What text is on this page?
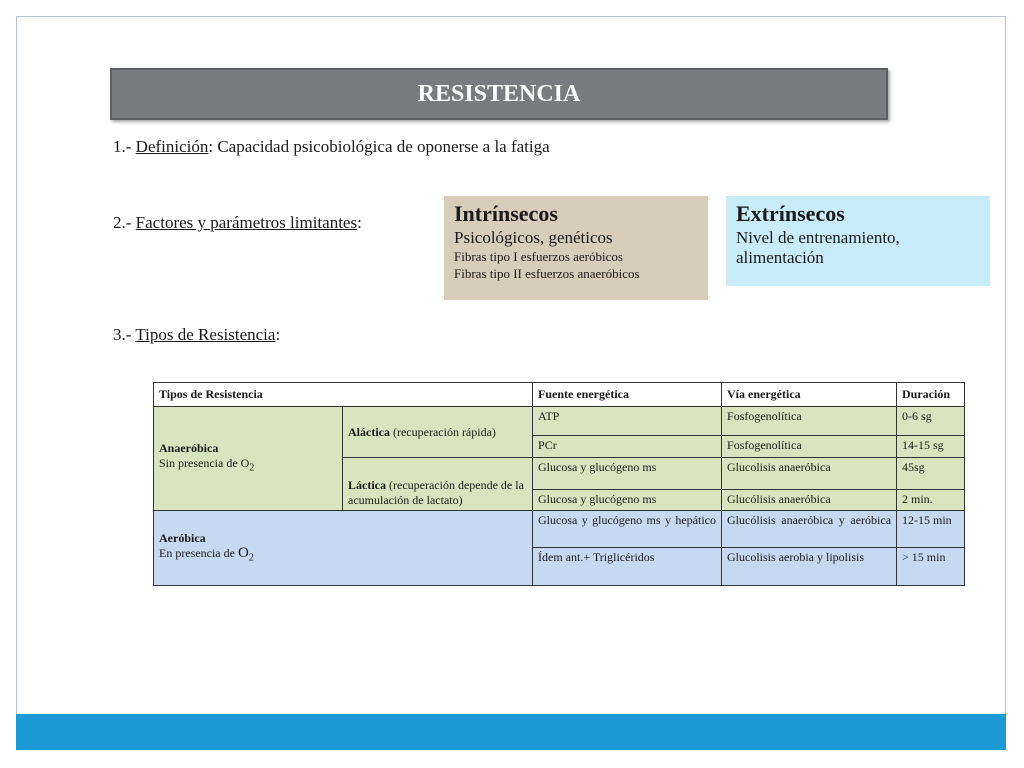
RESISTENCIA
1.- Definición: Capacidad psicobiológica de oponerse a la fatiga
2.- Factores y parámetros limitantes:	Intrínsecos
Psicológicos, genéticos
Fibras tipo I esfuerzos aeróbicos
Fibras tipo II esfuerzos anaeróbicos
Extrínsecos
Nivel de entrenamiento,
alimentación
3.- Tipos de Resistencia:
Tipos de Resistencia		Fuente energética	Vía energética	Duración
Anaeróbica
Sin presencia de $O_2$	Aláctica (recuperación rápida)	ATP	Fosfogenolítica	0-6 sg
		PCr	Fosfogenolítica	14-15 sg
	Láctica (recuperación depende de la acumulación de lactato)	Glucosa y glucógeno ms	Glucolisis anaeróbica	45sg
		Glucosa y glucógeno ms	Glucólisis anaeróbica	2 min.
Aeróbica
En presencia de $O_2$		Glucosa y glucógeno ms y hepático	Glucólisis anaeróbica y aeróbica	12-15 min
		Ídem ant.+ Triglicéridos	Glucolisis aerobia y lipolisis	> 15 min
